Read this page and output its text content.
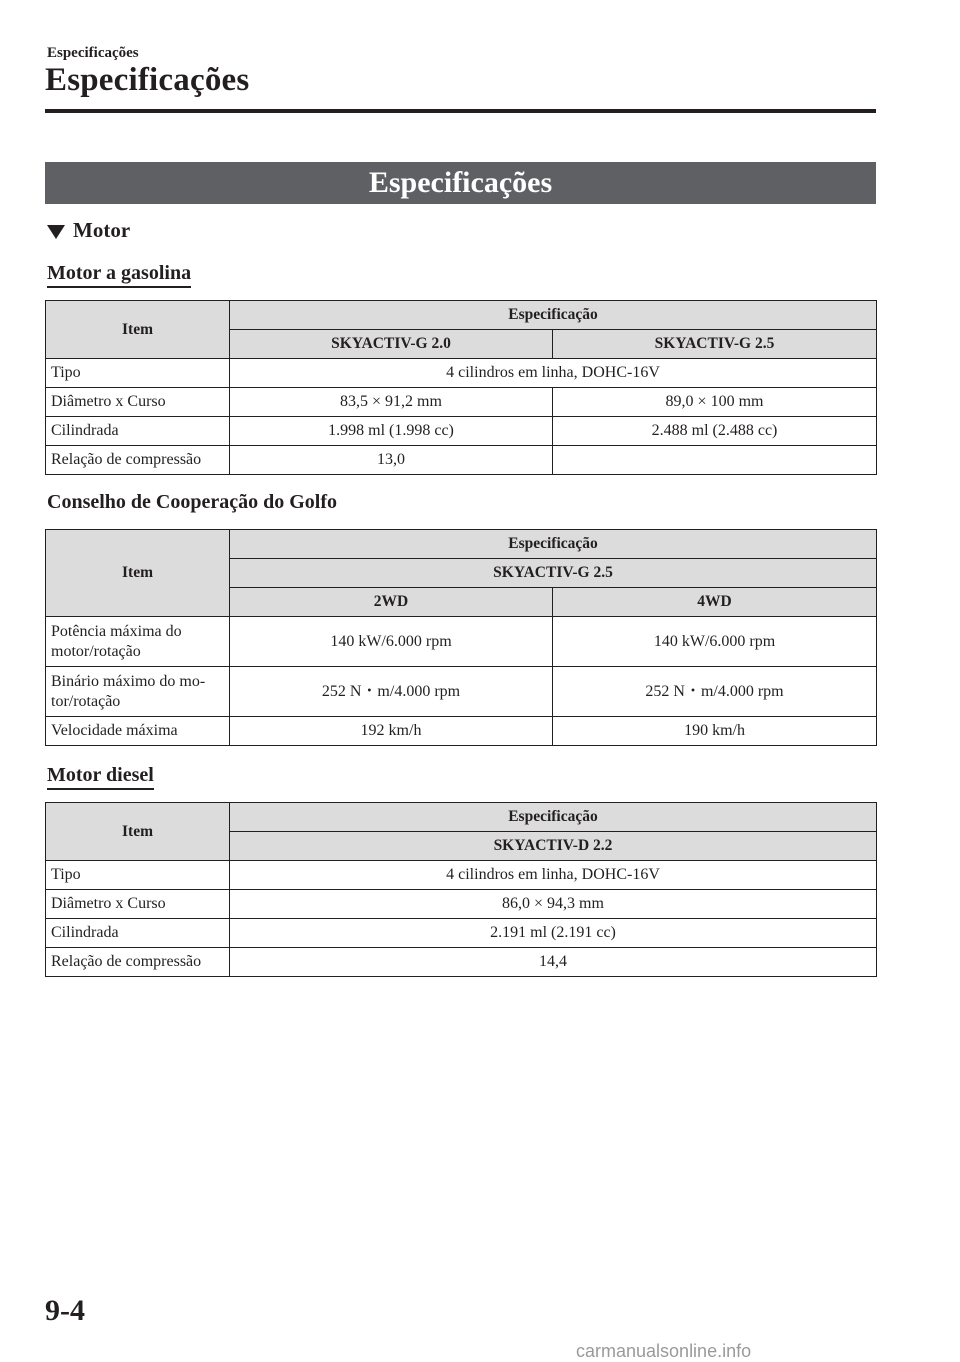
Especificações
Especificações
Especificações
Motor
Motor a gasolina
Item	Especificação	
	SKYACTIV-G 2.0	SKYACTIV-G 2.5
Tipo	4 cilindros em linha, DOHC-16V	
Diâmetro x Curso	83,5 × 91,2 mm	89,0 × 100 mm
Cilindrada	1.998 ml (1.998 cc)	2.488 ml (2.488 cc)
Relação de compressão	13,0	
Conselho de Cooperação do Golfo
Item	Especificação	
	SKYACTIV-G 2.5	
	2WD	4WD
Potência máxima do
motor/rotação	140 kW/6.000 rpm	140 kW/6.000 rpm
Binário máximo do mo-
tor/rotação	252 N・m/4.000 rpm	252 N・m/4.000 rpm
Velocidade máxima	192 km/h	190 km/h
Motor diesel
Item	Especificação
	SKYACTIV-D 2.2
Tipo	4 cilindros em linha, DOHC-16V
Diâmetro x Curso	86,0 × 94,3 mm
Cilindrada	2.191 ml (2.191 cc)
Relação de compressão	14,4
9-4
carmanualsonline.info
